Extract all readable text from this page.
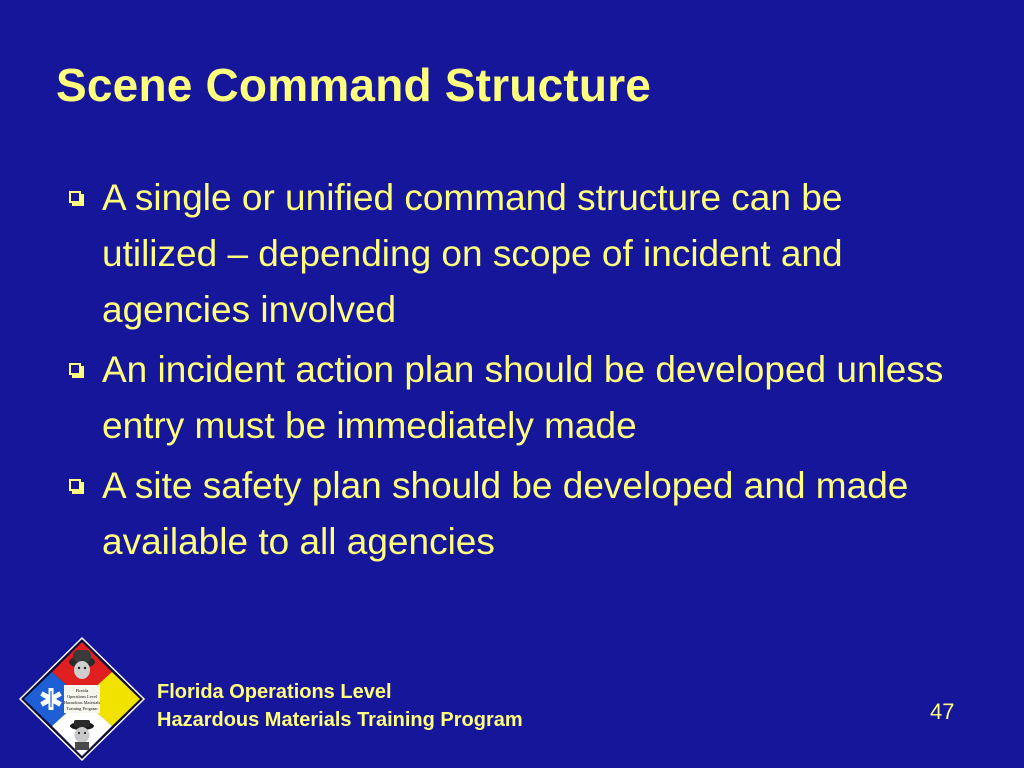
Scene Command Structure
A single or unified command structure can be utilized – depending on scope of incident and agencies involved
An incident action plan should be developed unless entry must be immediately made
A site safety plan should be developed and made available to all agencies
Florida
Operations Level
Hazardous Materials
Training Program
Florida Operations Level
Hazardous Materials Training Program	47
